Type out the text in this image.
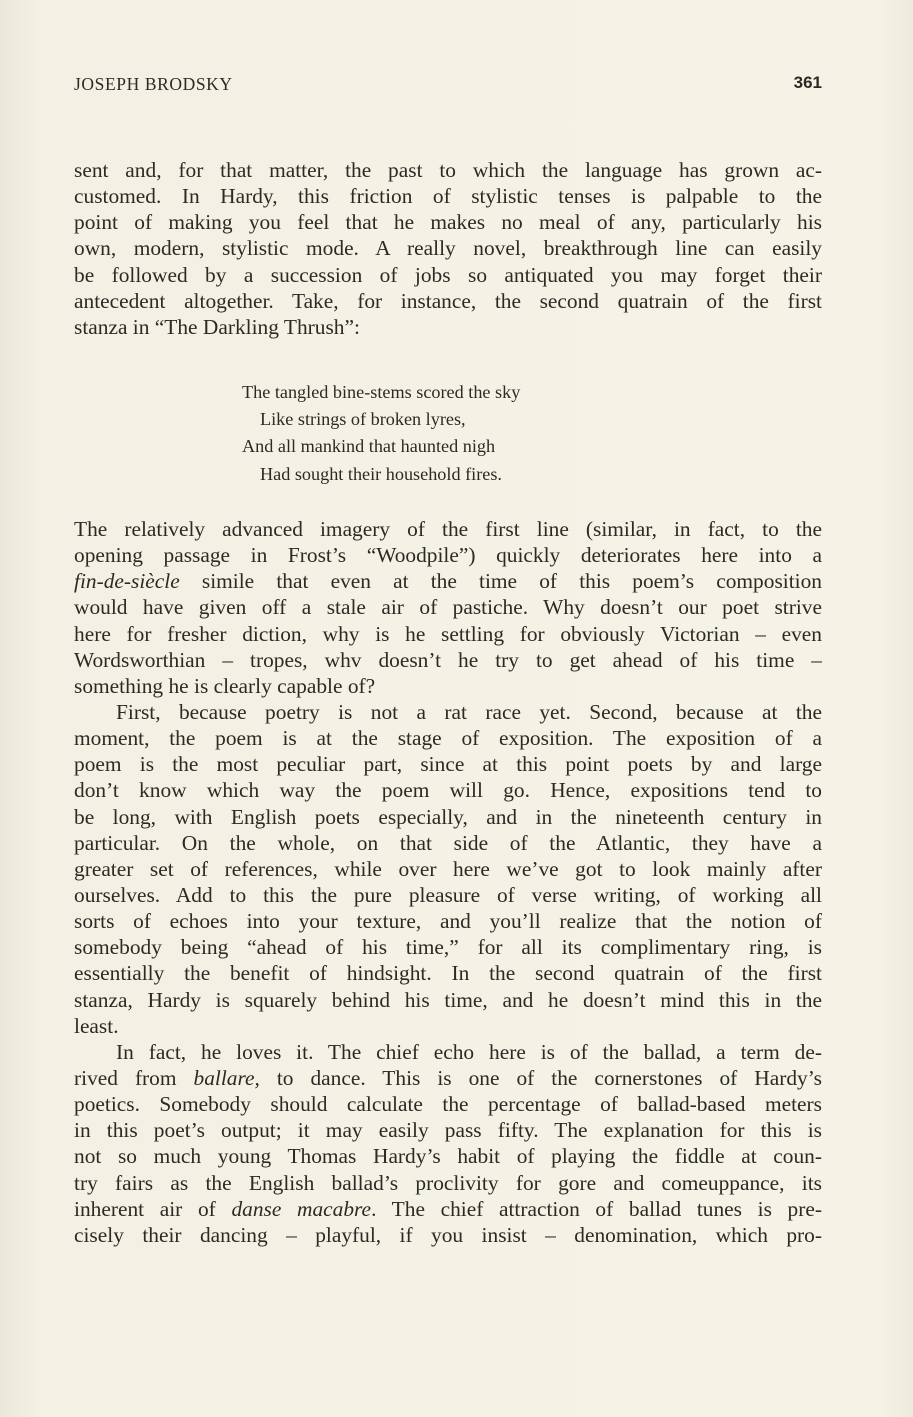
JOSEPH BRODSKY	361
sent and, for that matter, the past to which the language has grown ac-
customed. In Hardy, this friction of stylistic tenses is palpable to the
point of making you feel that he makes no meal of any, particularly his
own, modern, stylistic mode. A really novel, breakthrough line can easily
be followed by a succession of jobs so antiquated you may forget their
antecedent altogether. Take, for instance, the second quatrain of the first
stanza in “The Darkling Thrush”:
The tangled bine-stems scored the sky
Like strings of broken lyres,
And all mankind that haunted nigh
Had sought their household fires.
The relatively advanced imagery of the first line (similar, in fact, to the
opening passage in Frost’s “Woodpile”) quickly deteriorates here into a
fin-de-siècle simile that even at the time of this poem’s composition
would have given off a stale air of pastiche. Why doesn’t our poet strive
here for fresher diction, why is he settling for obviously Victorian – even
Wordsworthian – tropes, whv doesn’t he try to get ahead of his time –
something he is clearly capable of?
First, because poetry is not a rat race yet. Second, because at the
moment, the poem is at the stage of exposition. The exposition of a
poem is the most peculiar part, since at this point poets by and large
don’t know which way the poem will go. Hence, expositions tend to
be long, with English poets especially, and in the nineteenth century in
particular. On the whole, on that side of the Atlantic, they have a
greater set of references, while over here we’ve got to look mainly after
ourselves. Add to this the pure pleasure of verse writing, of working all
sorts of echoes into your texture, and you’ll realize that the notion of
somebody being “ahead of his time,” for all its complimentary ring, is
essentially the benefit of hindsight. In the second quatrain of the first
stanza, Hardy is squarely behind his time, and he doesn’t mind this in the
least.
In fact, he loves it. The chief echo here is of the ballad, a term de-
rived from ballare, to dance. This is one of the cornerstones of Hardy’s
poetics. Somebody should calculate the percentage of ballad-based meters
in this poet’s output; it may easily pass fifty. The explanation for this is
not so much young Thomas Hardy’s habit of playing the fiddle at coun-
try fairs as the English ballad’s proclivity for gore and comeuppance, its
inherent air of danse macabre. The chief attraction of ballad tunes is pre-
cisely their dancing – playful, if you insist – denomination, which pro-
